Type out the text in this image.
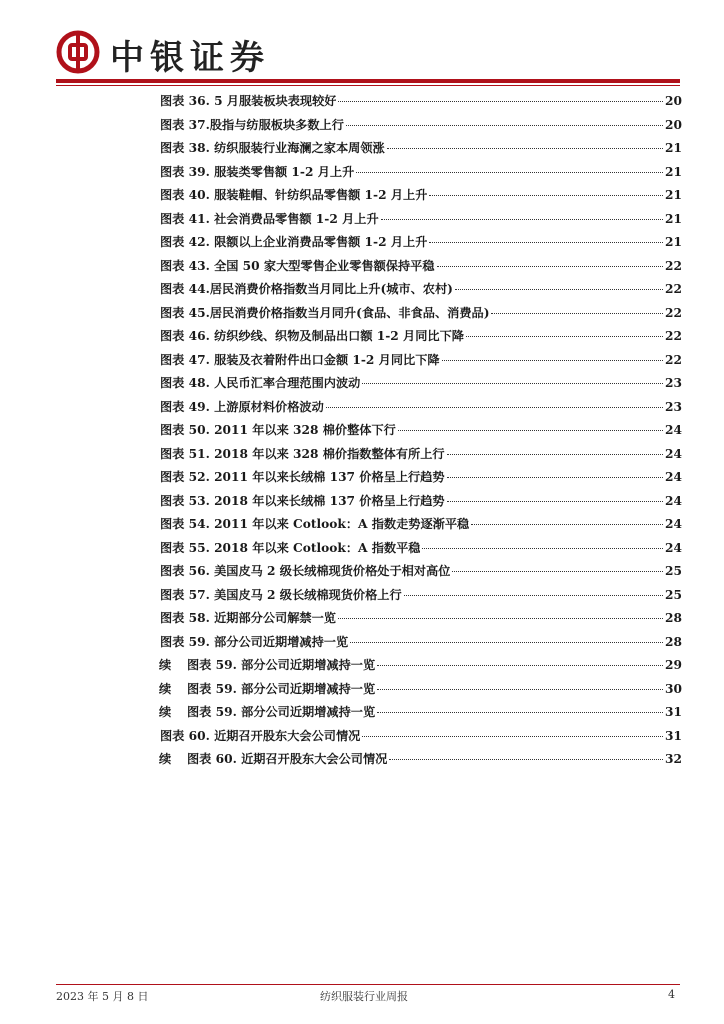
中银证券
图表 36. 5 月服装板块表现较好	20
图表 37.股指与纺服板块多数上行	20
图表 38. 纺织服装行业海澜之家本周领涨	21
图表 39. 服装类零售额 1-2 月上升	21
图表 40. 服装鞋帽、针纺织品零售额 1-2 月上升	21
图表 41. 社会消费品零售额 1-2 月上升	21
图表 42. 限额以上企业消费品零售额 1-2 月上升	21
图表 43. 全国 50 家大型零售企业零售额保持平稳	22
图表 44.居民消费价格指数当月同比上升(城市、农村)	22
图表 45.居民消费价格指数当月同升(食品、非食品、消费品)	22
图表 46. 纺织纱线、织物及制品出口额 1-2 月同比下降	22
图表 47. 服装及衣着附件出口金额 1-2 月同比下降	22
图表 48. 人民币汇率合理范围内波动	23
图表 49. 上游原材料价格波动	23
图表 50. 2011 年以来 328 棉价整体下行	24
图表 51. 2018 年以来 328 棉价指数整体有所上行	24
图表 52. 2011 年以来长绒棉 137 价格呈上行趋势	24
图表 53. 2018 年以来长绒棉 137 价格呈上行趋势	24
图表 54. 2011 年以来 Cotlook：A 指数走势逐渐平稳	24
图表 55. 2018 年以来 Cotlook：A 指数平稳	24
图表 56. 美国皮马 2 级长绒棉现货价格处于相对高位	25
图表 57. 美国皮马 2 级长绒棉现货价格上行	25
图表 58. 近期部分公司解禁一览	28
图表 59. 部分公司近期增减持一览	28
续	图表 59. 部分公司近期增减持一览	29
续	图表 59. 部分公司近期增减持一览	30
续	图表 59. 部分公司近期增减持一览	31
图表 60. 近期召开股东大会公司情况	31
续	图表 60. 近期召开股东大会公司情况	32
2023 年 5 月 8 日	纺织服装行业周报	4
